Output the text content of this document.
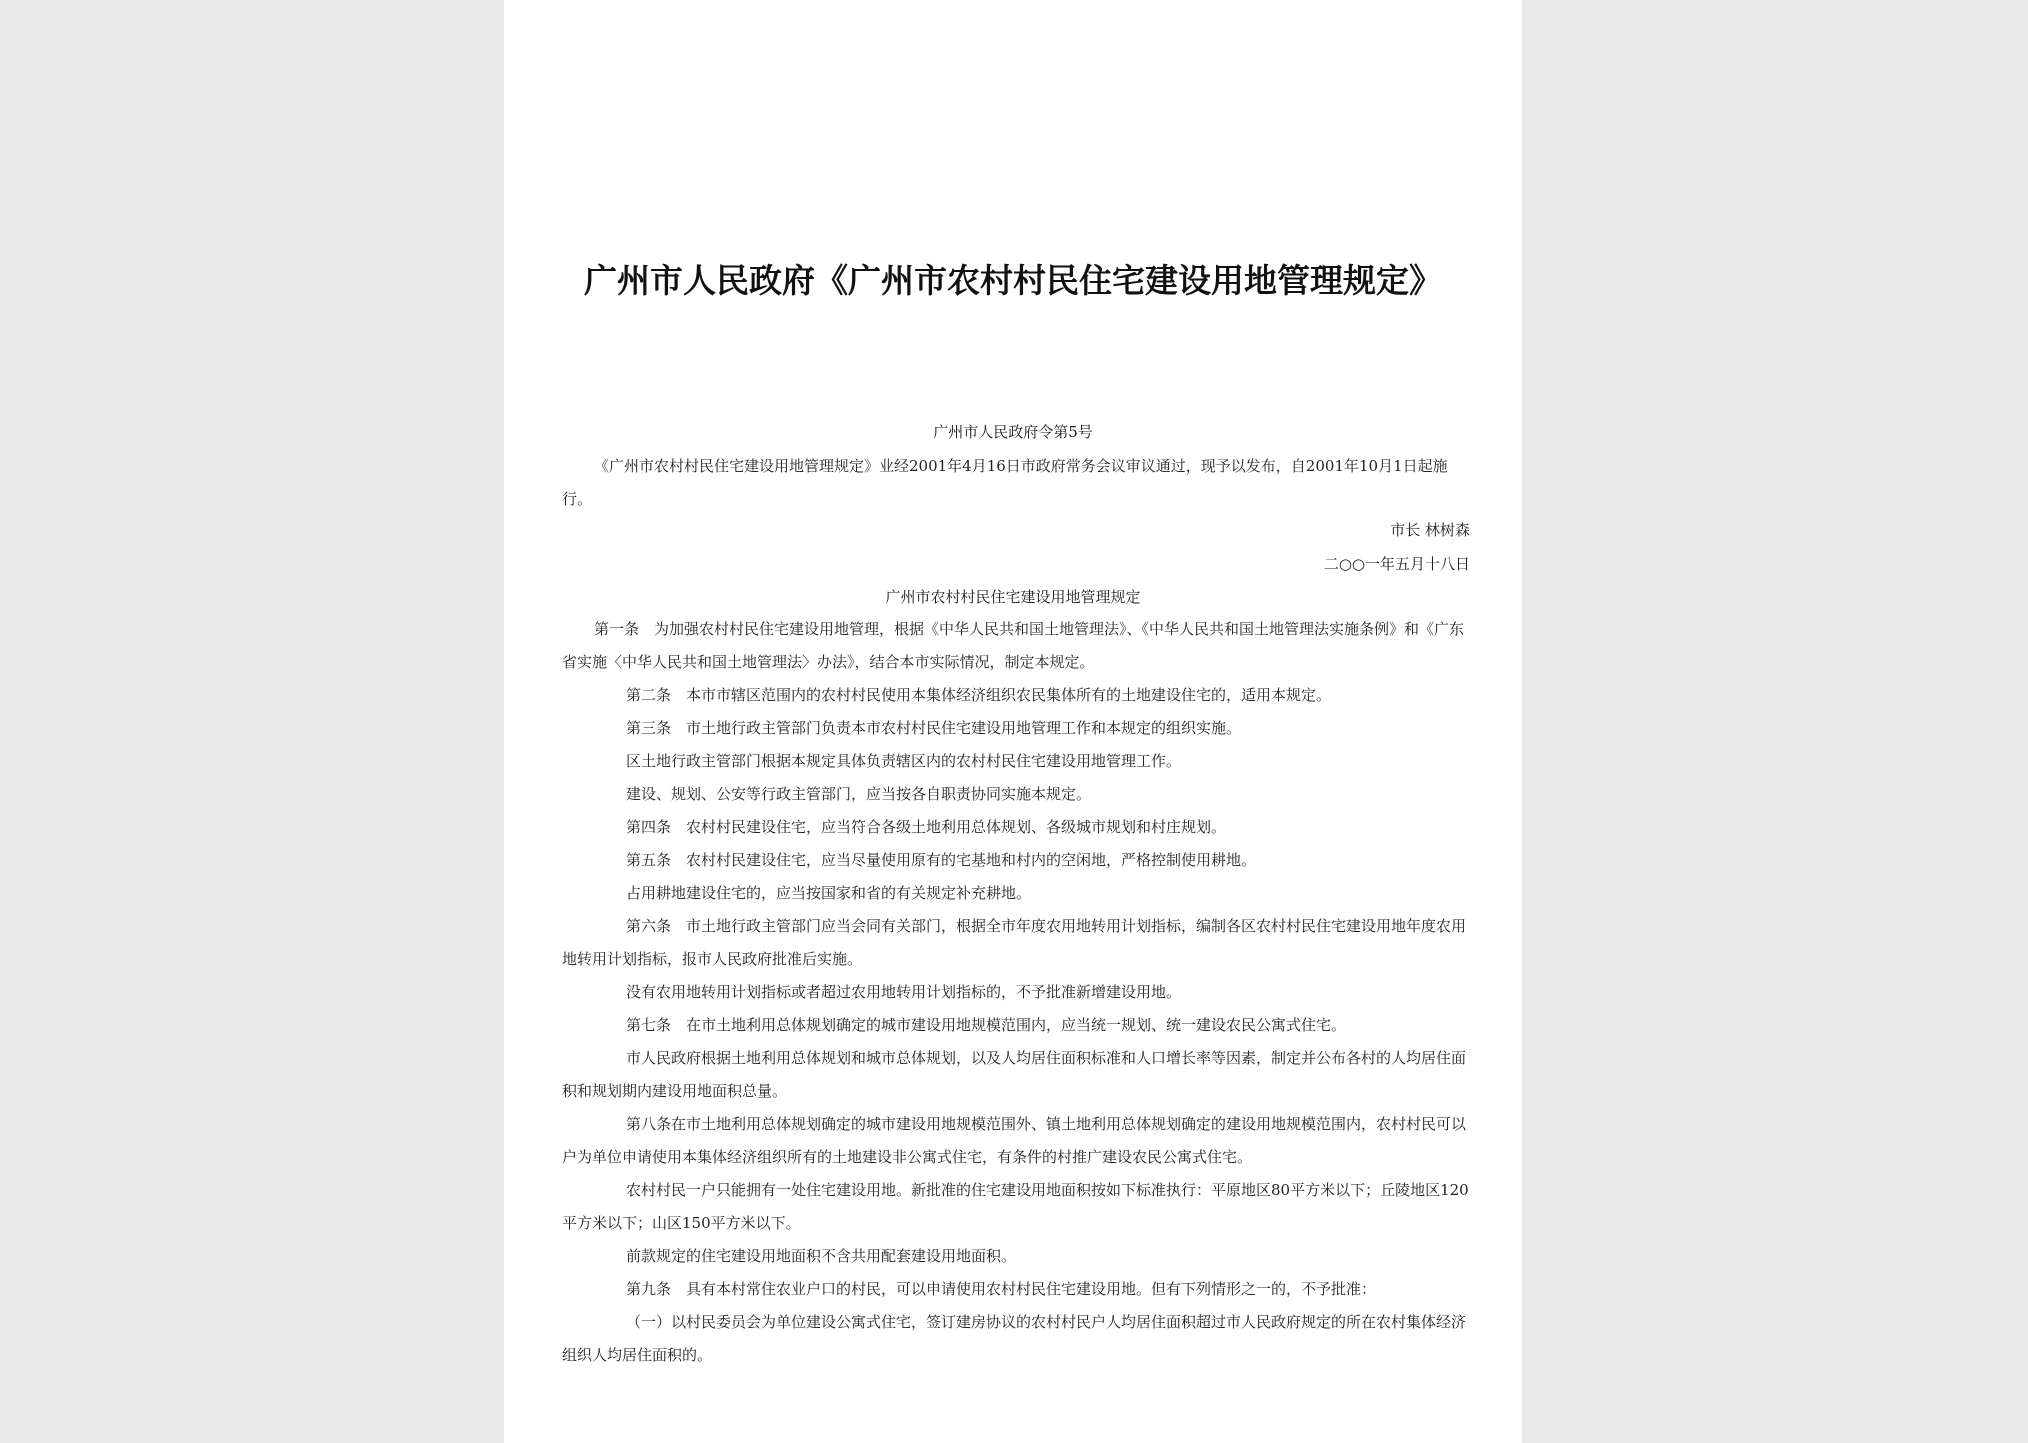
广州市人民政府《广州市农村村民住宅建设用地管理规定》
广州市人民政府令第5号

《广州市农村村民住宅建设用地管理规定》业经2001年4月16日市政府常务会议审议通过，现予以发布，自2001年10月1日起施行。

市长 林树森
二○○一年五月十八日
广州市农村村民住宅建设用地管理规定

第一条　为加强农村村民住宅建设用地管理，根据《中华人民共和国土地管理法》、《中华人民共和国土地管理法实施条例》和《广东省实施〈中华人民共和国土地管理法〉办法》，结合本市实际情况，制定本规定。

第二条　本市市辖区范围内的农村村民使用本集体经济组织农民集体所有的土地建设住宅的，适用本规定。

第三条　市土地行政主管部门负责本市农村村民住宅建设用地管理工作和本规定的组织实施。

区土地行政主管部门根据本规定具体负责辖区内的农村村民住宅建设用地管理工作。

建设、规划、公安等行政主管部门，应当按各自职责协同实施本规定。

第四条　农村村民建设住宅，应当符合各级土地利用总体规划、各级城市规划和村庄规划。

第五条　农村村民建设住宅，应当尽量使用原有的宅基地和村内的空闲地，严格控制使用耕地。

占用耕地建设住宅的，应当按国家和省的有关规定补充耕地。

第六条　市土地行政主管部门应当会同有关部门，根据全市年度农用地转用计划指标，编制各区农村村民住宅建设用地年度农用地转用计划指标，报市人民政府批准后实施。

没有农用地转用计划指标或者超过农用地转用计划指标的，不予批准新增建设用地。

第七条　在市土地利用总体规划确定的城市建设用地规模范围内，应当统一规划、统一建设农民公寓式住宅。

市人民政府根据土地利用总体规划和城市总体规划，以及人均居住面积标准和人口增长率等因素，制定并公布各村的人均居住面积和规划期内建设用地面积总量。

第八条在市土地利用总体规划确定的城市建设用地规模范围外、镇土地利用总体规划确定的建设用地规模范围内，农村村民可以户为单位申请使用本集体经济组织所有的土地建设非公寓式住宅，有条件的村推广建设农民公寓式住宅。

农村村民一户只能拥有一处住宅建设用地。新批准的住宅建设用地面积按如下标准执行：平原地区80平方米以下；丘陵地区120平方米以下；山区150平方米以下。

前款规定的住宅建设用地面积不含共用配套建设用地面积。

第九条　具有本村常住农业户口的村民，可以申请使用农村村民住宅建设用地。但有下列情形之一的，不予批准：

（一）以村民委员会为单位建设公寓式住宅，签订建房协议的农村村民户人均居住面积超过市人民政府规定的所在农村集体经济组织人均居住面积的。
